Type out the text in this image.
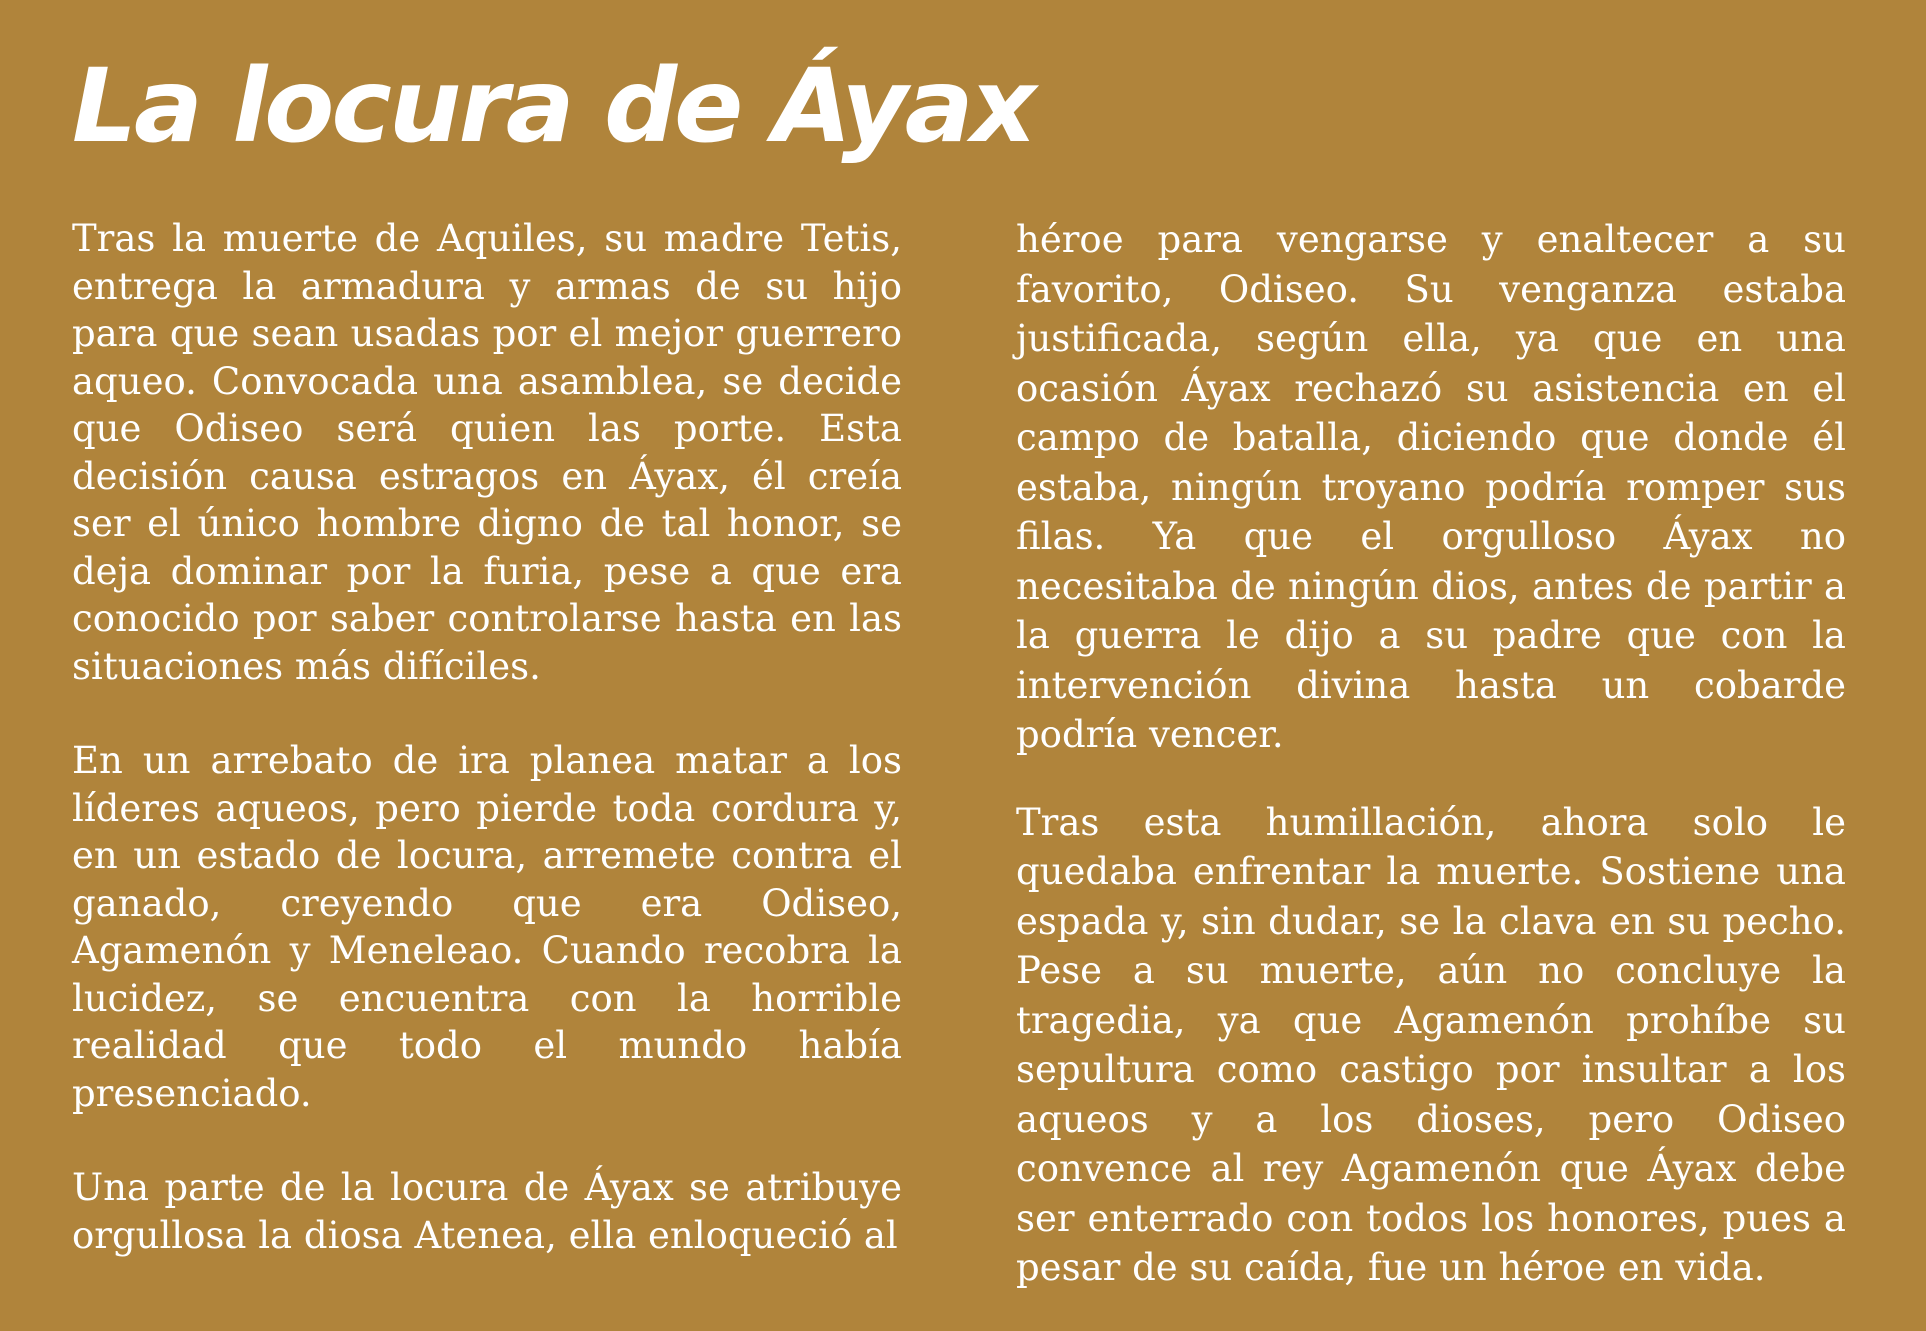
La locura de Áyax

Tras la muerte de Aquiles, su madre Tetis, entrega la armadura y armas de su hijo para que sean usadas por el mejor guerrero aqueo. Convocada una asamblea, se decide que Odiseo será quien las porte. Esta decisión causa estragos en Áyax, él creía ser el único hombre digno de tal honor, se deja dominar por la furia, pese a que era conocido por saber controlarse hasta en las situaciones más difíciles.

En un arrebato de ira planea matar a los líderes aqueos, pero pierde toda cordura y, en un estado de locura, arremete contra el ganado, creyendo que era Odiseo, Agamenón y Meneleao. Cuando recobra la lucidez, se encuentra con la horrible realidad que todo el mundo había presenciado.

Una parte de la locura de Áyax se atribuye orgullosa la diosa Atenea, ella enloqueció al

héroe para vengarse y enaltecer a su favorito, Odiseo. Su venganza estaba justificada, según ella, ya que en una ocasión Áyax rechazó su asistencia en el campo de batalla, diciendo que donde él estaba, ningún troyano podría romper sus filas. Ya que el orgulloso Áyax no necesitaba de ningún dios, antes de partir a la guerra le dijo a su padre que con la intervención divina hasta un cobarde podría vencer.

Tras esta humillación, ahora solo le quedaba enfrentar la muerte. Sostiene una espada y, sin dudar, se la clava en su pecho. Pese a su muerte, aún no concluye la tragedia, ya que Agamenón prohíbe su sepultura como castigo por insultar a los aqueos y a los dioses, pero Odiseo convence al rey Agamenón que Áyax debe ser enterrado con todos los honores, pues a pesar de su caída, fue un héroe en vida.
